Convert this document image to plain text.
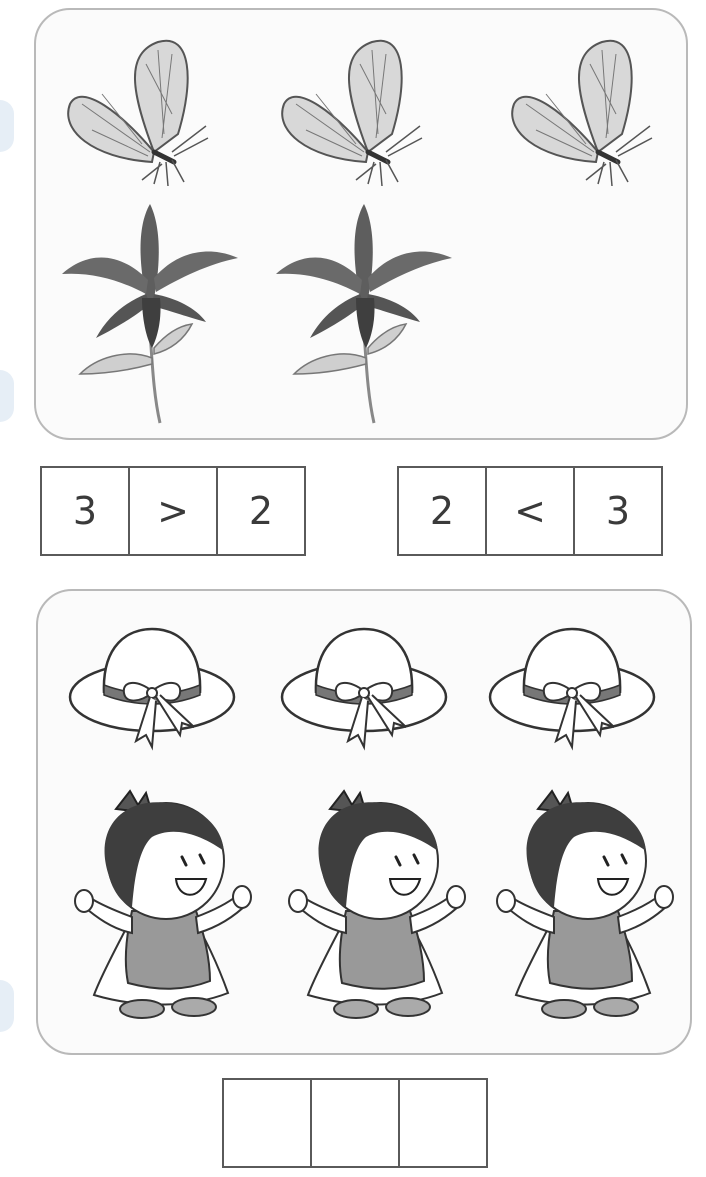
3	>	2	2	<	3
